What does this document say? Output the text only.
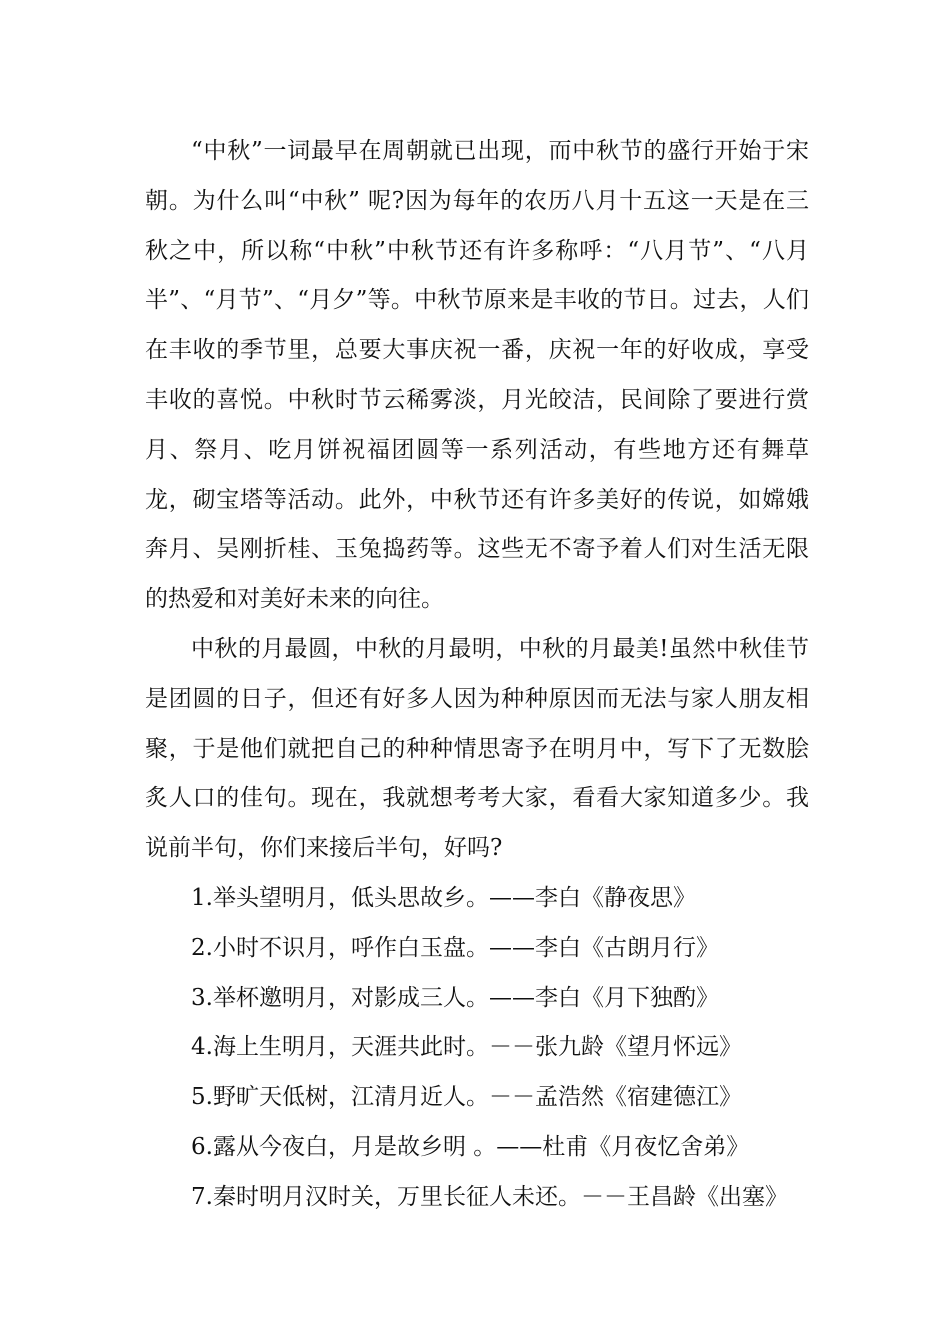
“中秋”一词最早在周朝就已出现，而中秋节的盛行开始于宋朝。为什么叫“中秋” 呢?因为每年的农历八月十五这一天是在三秋之中，所以称“中秋”中秋节还有许多称呼：“八月节”、“八月半”、“月节”、“月夕”等。中秋节原来是丰收的节日。过去，人们在丰收的季节里，总要大事庆祝一番，庆祝一年的好收成，享受丰收的喜悦。中秋时节云稀雾淡，月光皎洁，民间除了要进行赏月、祭月、吃月饼祝福团圆等一系列活动，有些地方还有舞草龙，砌宝塔等活动。此外，中秋节还有许多美好的传说，如嫦娥奔月、吴刚折桂、玉兔捣药等。这些无不寄予着人们对生活无限的热爱和对美好未来的向往。

中秋的月最圆，中秋的月最明，中秋的月最美!虽然中秋佳节是团圆的日子，但还有好多人因为种种原因而无法与家人朋友相聚，于是他们就把自己的种种情思寄予在明月中，写下了无数脍炙人口的佳句。现在，我就想考考大家，看看大家知道多少。我说前半句，你们来接后半句，好吗?

1.举头望明月，低头思故乡。——李白《静夜思》
2.小时不识月，呼作白玉盘。——李白《古朗月行》
3.举杯邀明月，对影成三人。——李白《月下独酌》
4.海上生明月，天涯共此时。－－张九龄《望月怀远》
5.野旷天低树，江清月近人。－－孟浩然《宿建德江》
6.露从今夜白，月是故乡明 。——杜甫《月夜忆舍弟》
7.秦时明月汉时关，万里长征人未还。－－王昌龄《出塞》
